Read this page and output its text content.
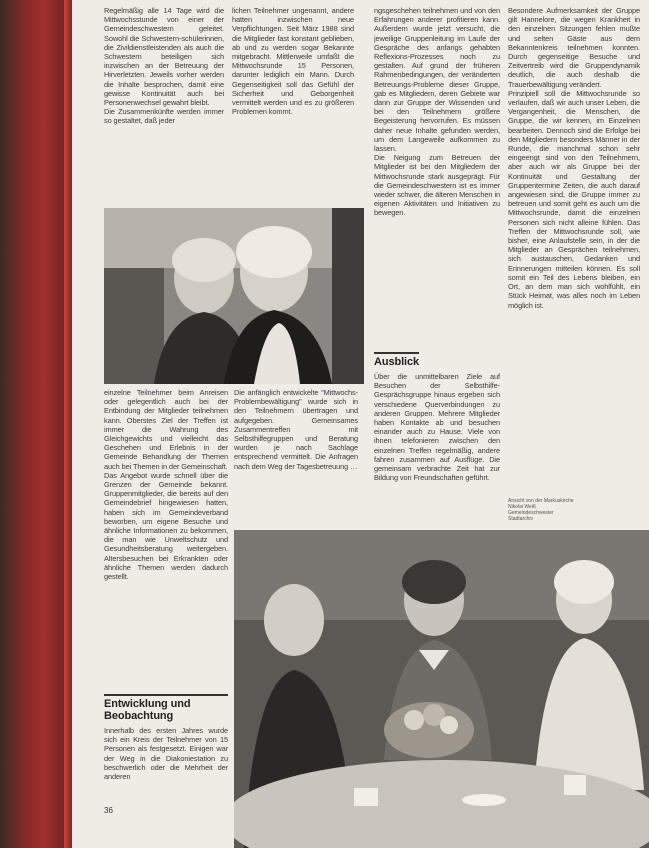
Regelmäßig alle 14 Tage wird die Mittwochsstunde von einer der Gemeindeschwestern geleitet. Sowohl die Schwestern-schülerinnen, die Zivildienstleistenden als auch die Schwestern beteiligen sich inzwischen an der Betreuung der Hirverletzten. Jeweils vorher werden die Inhalte besprochen, damit eine gewisse Kontinuität auch bei Personenwechsel gewahrt bleibt.

Die Zusammenkünfte werden immer so gestaltet, daß jeder

lichen Teilnehmer ungenannt, andere hatten inzwischen neue Verpflichtungen. Seit März 1988 sind die Mitglieder fast konstant geblieben, ab und zu werden sogar Bekannte mitgebracht. Mittlerweile umfaßt die Mittwochsrunde 15 Personen, darunter lediglich ein Mann. Durch Gegenseitigkeit soll das Gefühl der Sicherheit und Geborgenheit vermittelt werden und es zu größeren Problemen kommt.

ngsgeschehen teilnehmen und von den Erfahrungen anderer profitieren kann. Außerdem wurde jetzt versucht, die jeweilige Gruppenleitung im Laufe der Gespräche des anfangs gehabten Reflexions-Prozesses noch zu gestalten. Auf grund der früheren Rahmenbedingungen, der veränderten Betreuungs-Probleme dieser Gruppe, gab es Mitgliedern, deren Gebiete war dann zur Gruppe der Wissenden und bei den Teilnehmern größere Begeisterung hervorrufen. Es müssen daher neue Inhalte gefunden werden, um dem Langeweile aufkommen zu lassen.

Die Neigung zum Betreuen der Mitglieder ist bei den Mitgliedern der Mittwochsrunde stark ausgeprägt. Für die Gemeindeschwestern ist es immer wieder schwer, die älteren Menschen in eigenen Aktivitäten und Initiativen zu bewegen.

Besondere Aufmerksamkeit der Gruppe gilt Hannelore, die wegen Krankheit in den einzelnen Sitzungen fehlen mußte und selten Gäste aus dem Bekanntenkreis teilnehmen konnten. Durch gegenseitige Besuche und Zeitvertreib wird die Gruppendynamik deutlich, die auch deshalb die Trauerbewältigung verändert.

Prinzipiell soll die Mittwochsrunde so verlaufen, daß wir auch unser Leben, die Vergangenheit, die Menschen, die Gruppe, die wir kennen, im Einzelnen bearbeiten. Dennoch sind die Erfolge bei den Mitgliedern besonders Männer in der Runde, die manchmal schon sehr eingeengt sind von den Teilnehmern, aber auch wir als Gruppe bei der Kontinuität und Gestaltung der Gruppentermine Zeiten, die auch darauf angewiesen sind, die Gruppe immer zu betreuen und somit geht es auch um die Mittwochsrunde, damit die einzelnen Personen sich nicht alleine fühlen. Das Treffen der Mittwochsrunde soll, wie bisher, eine Anlaufstelle sein, in der die Mitglieder an Gesprächen teilnehmen, sich austauschen, Gedanken und Erinnerungen mitteilen können. Es soll somit ein Teil des Lebens bleiben, ein Ort, an dem man sich wohlfühlt, ein Stück Heimat, was alles noch im Leben möglich ist.

einzelne Teilnehmer beim Anreisen oder gelegentlich auch bei der Entbindung der Mitglieder teilnehmen kann. Oberstes Ziel der Treffen ist immer die Wahrung des Gleichgewichts und vielleicht das Geschehen und Erlebnis in der Gemeinde Behandlung der Themen auch bei Themen in der Gemeinschaft.

Das Angebot wurde schnell über die Grenzen der Gemeinde bekannt. Gruppenmitglieder, die bereits auf den Gemeindebrief hingewiesen hatten, haben sich im Gemeindeverband beworben, um eigene Besuche und ähnliche Informationen zu bekommen, die man wie Unweltschutz und Gesundheitsberatung weitergeben. Altersbesuchen bei Erkrankten oder ähnliche Themen werden dadurch gestellt.

Die anfänglich entwickelte "Mittwochs-Problembewältigung" wurde sich in den Teilnehmern übertragen und aufgegeben. Gemeinsames Zusammentreffen mit Selbsthilfegruppen und Beratung wurden je nach Sachlage entsprechend vermittelt. Die Anfragen nach dem Weg der Tagesbetreuung …

Ausblick

Über die unmittelbaren Ziele auf Besuchen der Selbsthilfe-Gesprächsgruppe hinaus ergeben sich verschiedene Querverbindungen zu anderen Gruppen. Mehrere Mitglieder haben Kontakte ab und besuchen einander auch zu Hause. Viele von ihnen telefonieren zwischen den einzelnen Treffen regelmäßig, andere fahren zusammen auf Ausflüge. Die gemeinsam verbrachte Zeit hat zur Bildung von Freundschaften geführt.

Ansicht von der Markuskirche
Nikolai Weiß
Gemeindeschwester
Stadtarchiv
Entwicklung und Beobachtung

Innerhalb des ersten Jahres wurde sich ein Kreis der Teilnehmer von 15 Personen als festgesetzt. Einigen war der Weg in die Diakoniestation zu beschwerlich oder die Mehrheit der anderen

36
